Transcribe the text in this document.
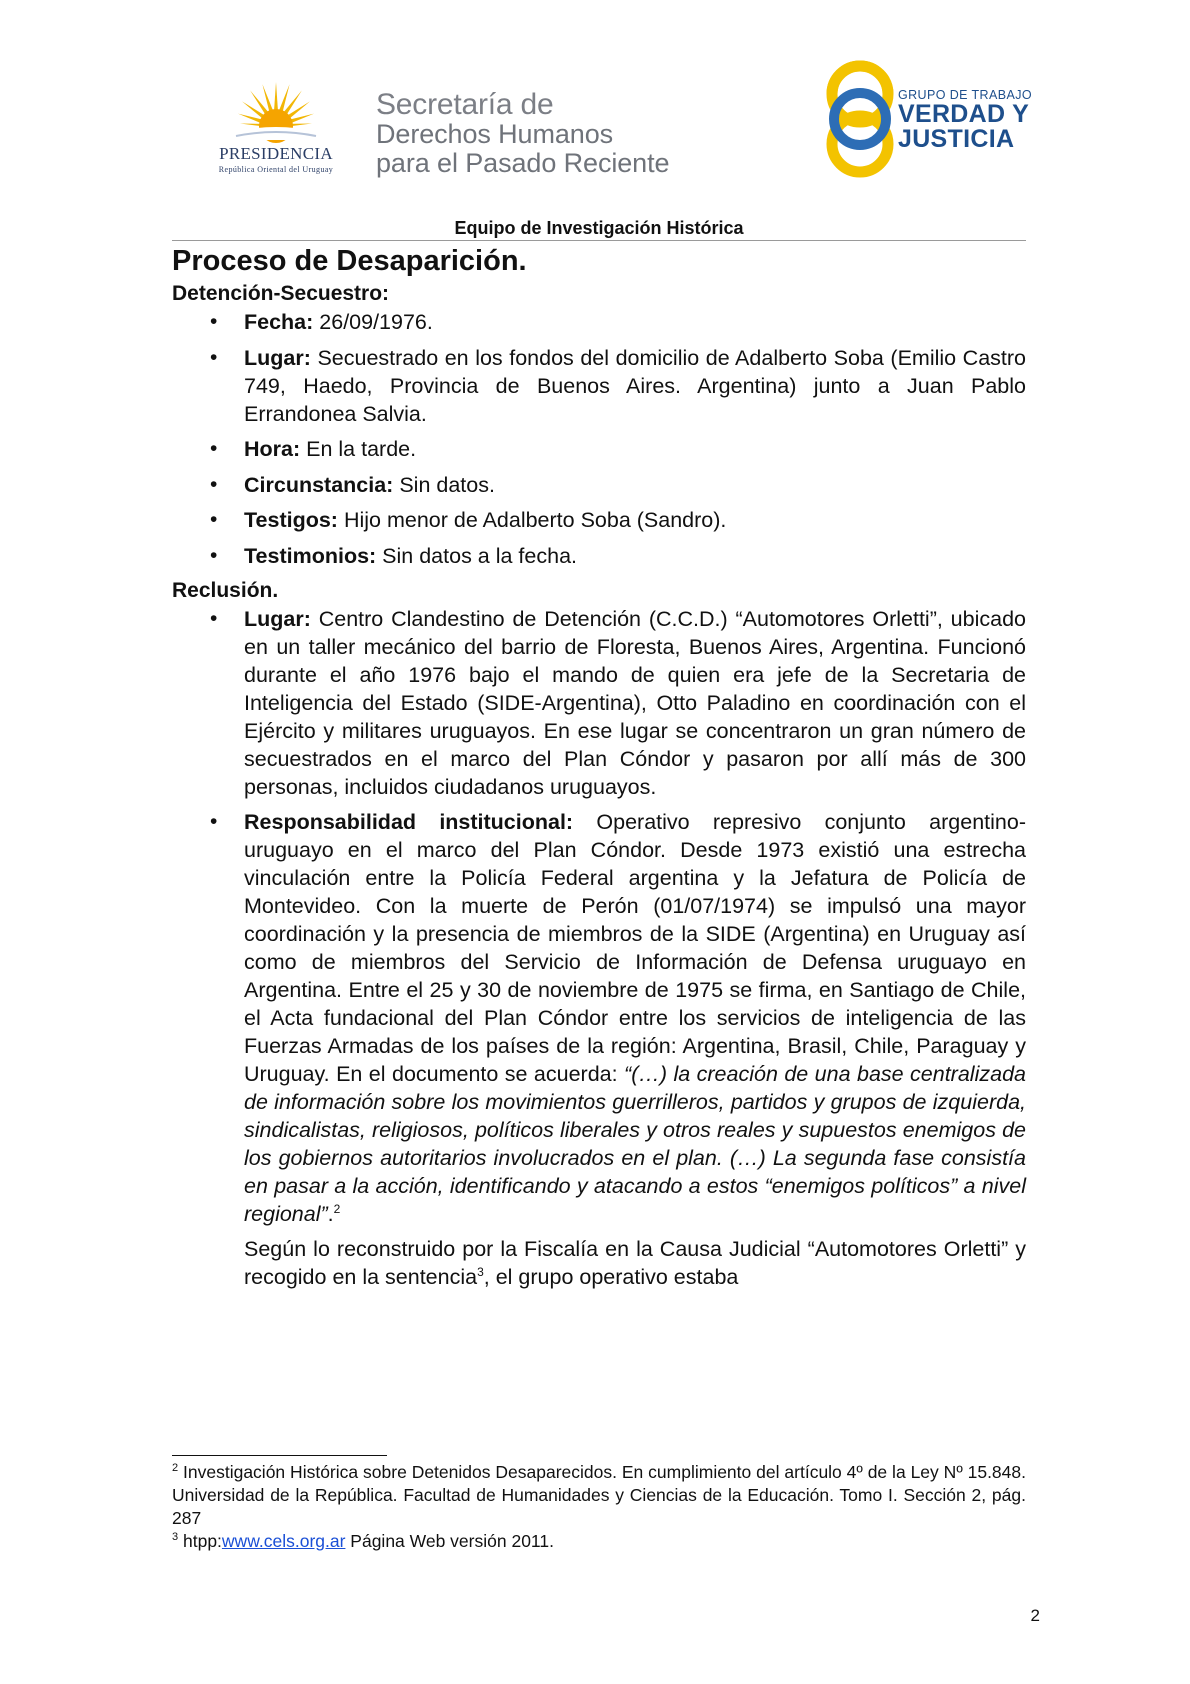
PRESIDENCIA
República Oriental del Uruguay
Secretaría de
Derechos Humanos
para el Pasado Reciente
GRUPO DE TRABAJO
VERDAD Y
JUSTICIA
Equipo de Investigación Histórica
Proceso de Desaparición.
Detención-Secuestro:
• Fecha: 26/09/1976.
• Lugar: Secuestrado en los fondos del domicilio de Adalberto Soba (Emilio Castro 749, Haedo, Provincia de Buenos Aires. Argentina) junto a Juan Pablo Errandonea Salvia.
• Hora: En la tarde.
• Circunstancia: Sin datos.
• Testigos: Hijo menor de Adalberto Soba (Sandro).
• Testimonios: Sin datos a la fecha.
Reclusión.
• Lugar: Centro Clandestino de Detención (C.C.D.) “Automotores Orletti”, ubicado en un taller mecánico del barrio de Floresta, Buenos Aires, Argentina. Funcionó durante el año 1976 bajo el mando de quien era jefe de la Secretaria de Inteligencia del Estado (SIDE-Argentina), Otto Paladino en coordinación con el Ejército y militares uruguayos. En ese lugar se concentraron un gran número de secuestrados en el marco del Plan Cóndor y pasaron por allí más de 300 personas, incluidos ciudadanos uruguayos.
• Responsabilidad institucional: Operativo represivo conjunto argentino-uruguayo en el marco del Plan Cóndor. Desde 1973 existió una estrecha vinculación entre la Policía Federal argentina y la Jefatura de Policía de Montevideo. Con la muerte de Perón (01/07/1974) se impulsó una mayor coordinación y la presencia de miembros de la SIDE (Argentina) en Uruguay así como de miembros del Servicio de Información de Defensa uruguayo en Argentina. Entre el 25 y 30 de noviembre de 1975 se firma, en Santiago de Chile, el Acta fundacional del Plan Cóndor entre los servicios de inteligencia de las Fuerzas Armadas de los países de la región: Argentina, Brasil, Chile, Paraguay y Uruguay. En el documento se acuerda: “(…) la creación de una base centralizada de información sobre los movimientos guerrilleros, partidos y grupos de izquierda, sindicalistas, religiosos, políticos liberales y otros reales y supuestos enemigos de los gobiernos autoritarios involucrados en el plan. (…) La segunda fase consistía en pasar a la acción, identificando y atacando a estos “enemigos políticos” a nivel regional”.$^2$
Según lo reconstruido por la Fiscalía en la Causa Judicial “Automotores Orletti” y recogido en la sentencia$^3$, el grupo operativo estaba

$^2$ Investigación Histórica sobre Detenidos Desaparecidos. En cumplimiento del artículo 4º de la Ley Nº 15.848. Universidad de la República. Facultad de Humanidades y Ciencias de la Educación. Tomo I. Sección 2, pág. 287

$^3$ htpp:www.cels.org.ar Página Web versión 2011.

2
